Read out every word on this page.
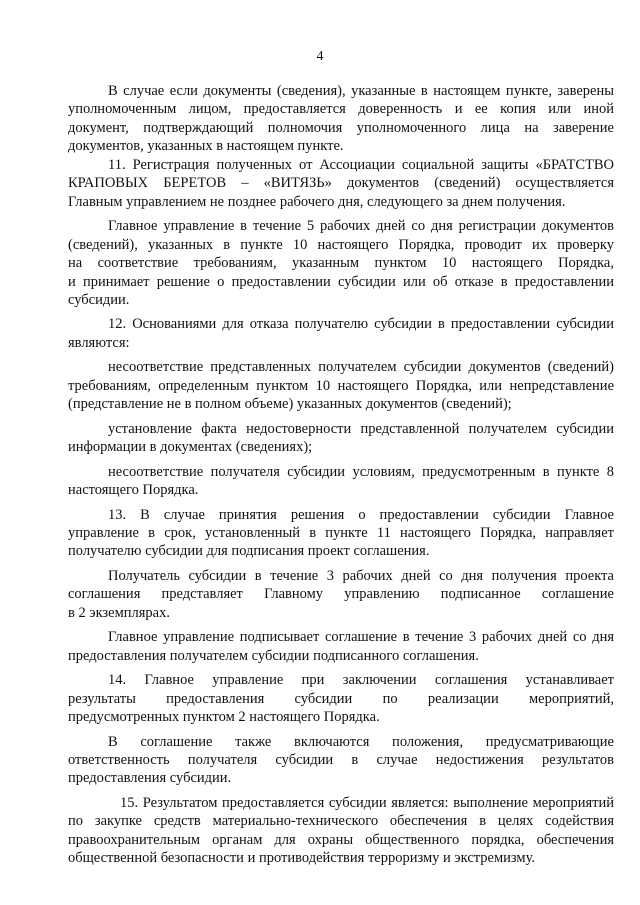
4
В случае если документы (сведения), указанные в настоящем пункте, заверены
уполномоченным лицом, предоставляется доверенность и ее копия или иной
документ, подтверждающий полномочия уполномоченного лица на заверение
документов, указанных в настоящем пункте.
11. Регистрация полученных от Ассоциации социальной защиты «БРАТСТВО
КРАПОВЫХ БЕРЕТОВ – «ВИТЯЗЬ» документов (сведений) осуществляется
Главным управлением не позднее рабочего дня, следующего за днем получения.
Главное управление в течение 5 рабочих дней со дня регистрации документов
(сведений), указанных в пункте 10 настоящего Порядка, проводит их проверку
на соответствие требованиям, указанным пунктом 10 настоящего Порядка,
и принимает решение о предоставлении субсидии или об отказе в предоставлении
субсидии.
12. Основаниями для отказа получателю субсидии в предоставлении субсидии
являются:
несоответствие представленных получателем субсидии документов (сведений)
требованиям, определенным пунктом 10 настоящего Порядка, или непредставление
(представление не в полном объеме) указанных документов (сведений);
установление факта недостоверности представленной получателем субсидии
информации в документах (сведениях);
несоответствие получателя субсидии условиям, предусмотренным в пункте 8
настоящего Порядка.
13. В случае принятия решения о предоставлении субсидии Главное
управление в срок, установленный в пункте 11 настоящего Порядка, направляет
получателю субсидии для подписания проект соглашения.
Получатель субсидии в течение 3 рабочих дней со дня получения проекта
соглашения представляет Главному управлению подписанное соглашение
в 2 экземплярах.
Главное управление подписывает соглашение в течение 3 рабочих дней со дня
предоставления получателем субсидии подписанного соглашения.
14. Главное управление при заключении соглашения устанавливает
результаты предоставления субсидии по реализации мероприятий,
предусмотренных пунктом 2 настоящего Порядка.
В соглашение также включаются положения, предусматривающие
ответственность получателя субсидии в случае недостижения результатов
предоставления субсидии.
15. Результатом предоставляется субсидии является: выполнение мероприятий
по закупке средств материально-технического обеспечения в целях содействия
правоохранительным органам для охраны общественного порядка, обеспечения
общественной безопасности и противодействия терроризму и экстремизму.
